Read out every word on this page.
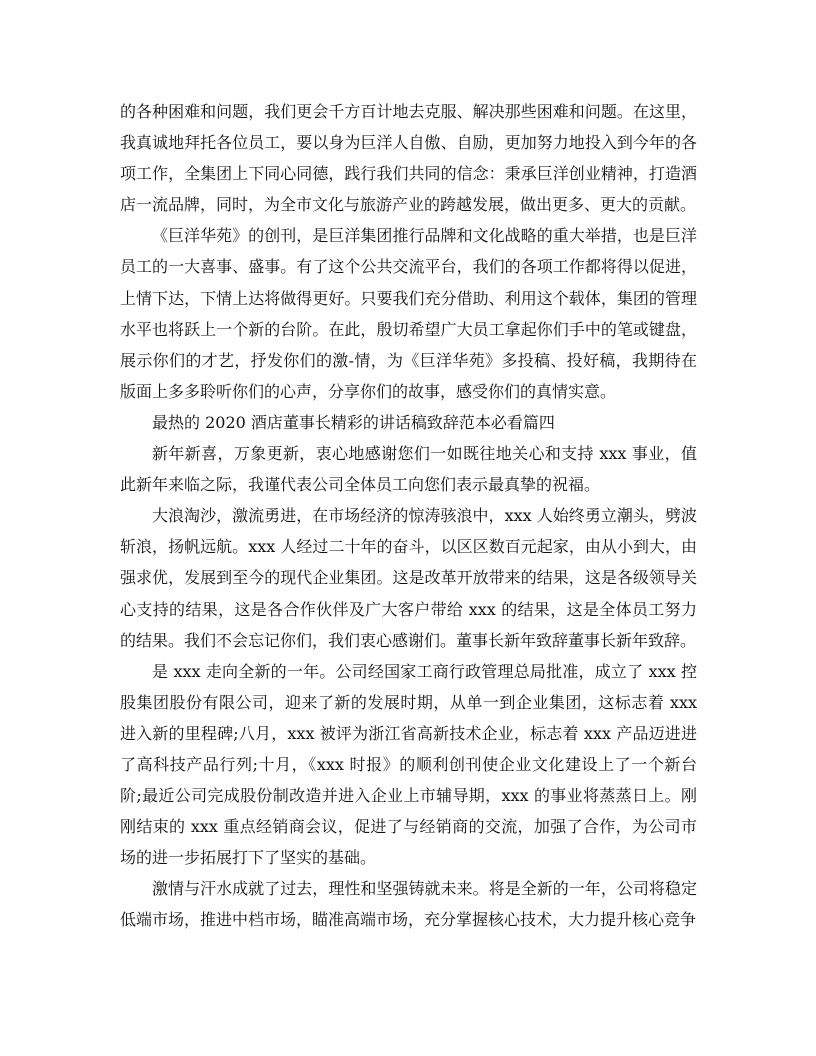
的各种困难和问题，我们更会千方百计地去克服、解决那些困难和问题。在这里，我真诚地拜托各位员工，要以身为巨洋人自傲、自励，更加努力地投入到今年的各项工作，全集团上下同心同德，践行我们共同的信念：秉承巨洋创业精神，打造酒店一流品牌，同时，为全市文化与旅游产业的跨越发展，做出更多、更大的贡献。

《巨洋华苑》的创刊，是巨洋集团推行品牌和文化战略的重大举措，也是巨洋员工的一大喜事、盛事。有了这个公共交流平台，我们的各项工作都将得以促进，上情下达，下情上达将做得更好。只要我们充分借助、利用这个载体，集团的管理水平也将跃上一个新的台阶。在此，殷切希望广大员工拿起你们手中的笔或键盘，展示你们的才艺，抒发你们的激-情，为《巨洋华苑》多投稿、投好稿，我期待在版面上多多聆听你们的心声，分享你们的故事，感受你们的真情实意。

最热的 2020 酒店董事长精彩的讲话稿致辞范本必看篇四

新年新喜，万象更新，衷心地感谢您们一如既往地关心和支持 xxx 事业，值此新年来临之际，我谨代表公司全体员工向您们表示最真挚的祝福。

大浪淘沙，激流勇进，在市场经济的惊涛骇浪中，xxx 人始终勇立潮头，劈波斩浪，扬帆远航。xxx 人经过二十年的奋斗，以区区数百元起家，由从小到大，由强求优，发展到至今的现代企业集团。这是改革开放带来的结果，这是各级领导关心支持的结果，这是各合作伙伴及广大客户带给 xxx 的结果，这是全体员工努力的结果。我们不会忘记你们，我们衷心感谢们。董事长新年致辞董事长新年致辞。

是 xxx 走向全新的一年。公司经国家工商行政管理总局批准，成立了 xxx 控股集团股份有限公司，迎来了新的发展时期，从单一到企业集团，这标志着 xxx 进入新的里程碑;八月，xxx 被评为浙江省高新技术企业，标志着 xxx 产品迈进进了高科技产品行列;十月，《xxx 时报》的顺利创刊使企业文化建设上了一个新台阶;最近公司完成股份制改造并进入企业上市辅导期，xxx 的事业将蒸蒸日上。刚刚结束的 xxx 重点经销商会议，促进了与经销商的交流，加强了合作，为公司市场的进一步拓展打下了坚实的基础。

激情与汗水成就了过去，理性和坚强铸就未来。将是全新的一年，公司将稳定低端市场，推进中档市场，瞄准高端市场，充分掌握核心技术，大力提升核心竞争
